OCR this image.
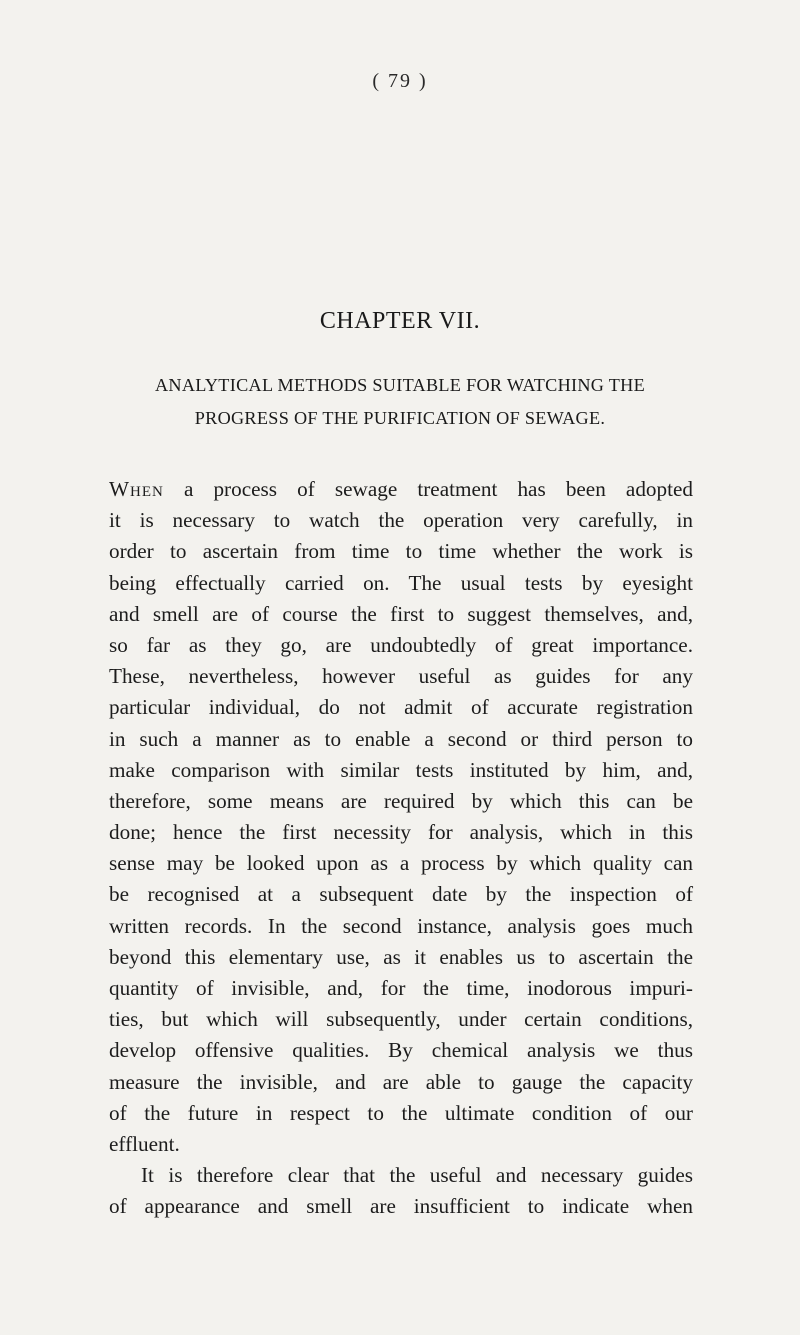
( 79 )
CHAPTER VII.
ANALYTICAL METHODS SUITABLE FOR WATCHING THE
PROGRESS OF THE PURIFICATION OF SEWAGE.
When a process of sewage treatment has been adopted
it is necessary to watch the operation very carefully, in
order to ascertain from time to time whether the work is
being effectually carried on. The usual tests by eyesight
and smell are of course the first to suggest themselves, and,
so far as they go, are undoubtedly of great importance.
These, nevertheless, however useful as guides for any
particular individual, do not admit of accurate registration
in such a manner as to enable a second or third person to
make comparison with similar tests instituted by him, and,
therefore, some means are required by which this can be
done; hence the first necessity for analysis, which in this
sense may be looked upon as a process by which quality can
be recognised at a subsequent date by the inspection of
written records. In the second instance, analysis goes much
beyond this elementary use, as it enables us to ascertain the
quantity of invisible, and, for the time, inodorous impuri-
ties, but which will subsequently, under certain conditions,
develop offensive qualities. By chemical analysis we thus
measure the invisible, and are able to gauge the capacity
of the future in respect to the ultimate condition of our
effluent.
It is therefore clear that the useful and necessary guides
of appearance and smell are insufficient to indicate when
